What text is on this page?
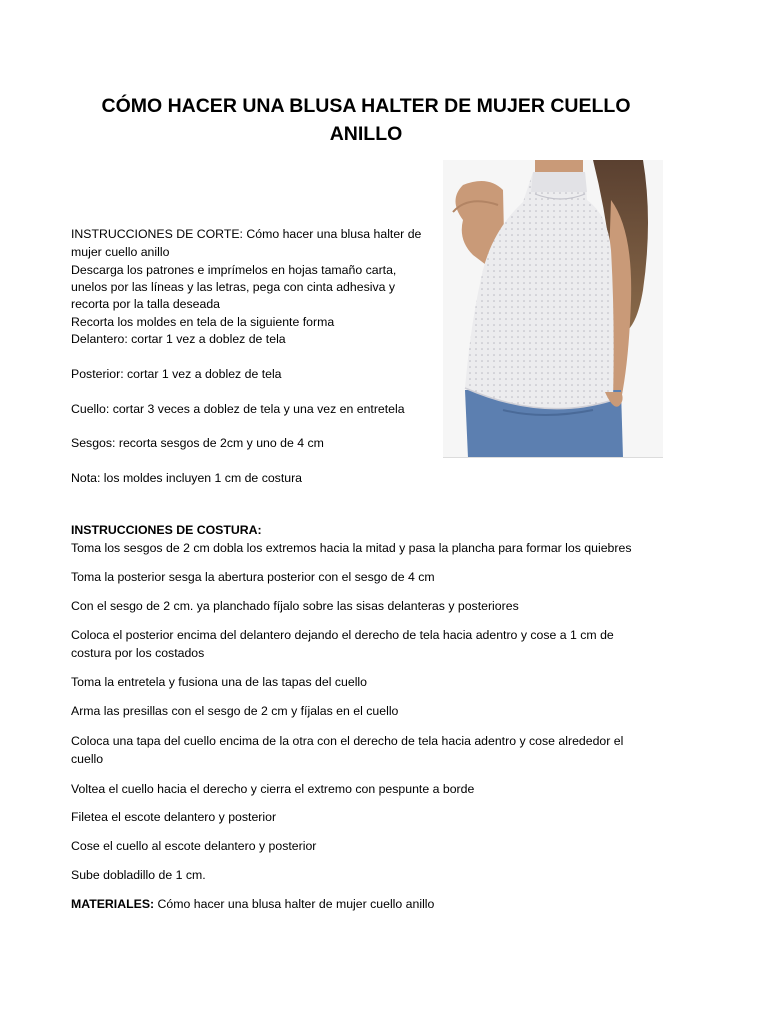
CÓMO HACER UNA BLUSA HALTER DE MUJER CUELLO
ANILLO
INSTRUCCIONES DE CORTE: Cómo hacer una blusa halter de
mujer cuello anillo
Descarga los patrones e imprímelos en hojas tamaño carta,
unelos por las líneas y las letras, pega con cinta adhesiva y
recorta por la talla deseada
Recorta los moldes en tela de la siguiente forma
Delantero: cortar 1 vez a doblez de tela
Posterior: cortar 1 vez a doblez de tela
Cuello: cortar 3 veces a doblez de tela y una vez en entretela
Sesgos: recorta sesgos de 2cm y uno de 4 cm
Nota: los moldes incluyen 1 cm de costura
INSTRUCCIONES DE COSTURA:
Toma los sesgos de 2 cm dobla los extremos hacia la mitad y pasa la plancha para formar los quiebres
Toma la posterior sesga la abertura posterior con el sesgo de 4 cm
Con el sesgo de 2 cm. ya planchado fíjalo sobre las sisas delanteras y posteriores
Coloca el posterior encima del delantero dejando el derecho de tela hacia adentro y cose a 1 cm de
costura por los costados
Toma la entretela y fusiona una de las tapas del cuello
Arma las presillas con el sesgo de 2 cm y fíjalas en el cuello
Coloca una tapa del cuello encima de la otra con el derecho de tela hacia adentro y cose alrededor el
cuello
Voltea el cuello hacia el derecho y cierra el extremo con pespunte a borde
Filetea el escote delantero y posterior
Cose el cuello al escote delantero y posterior
Sube dobladillo de 1 cm.
MATERIALES: Cómo hacer una blusa halter de mujer cuello anillo
